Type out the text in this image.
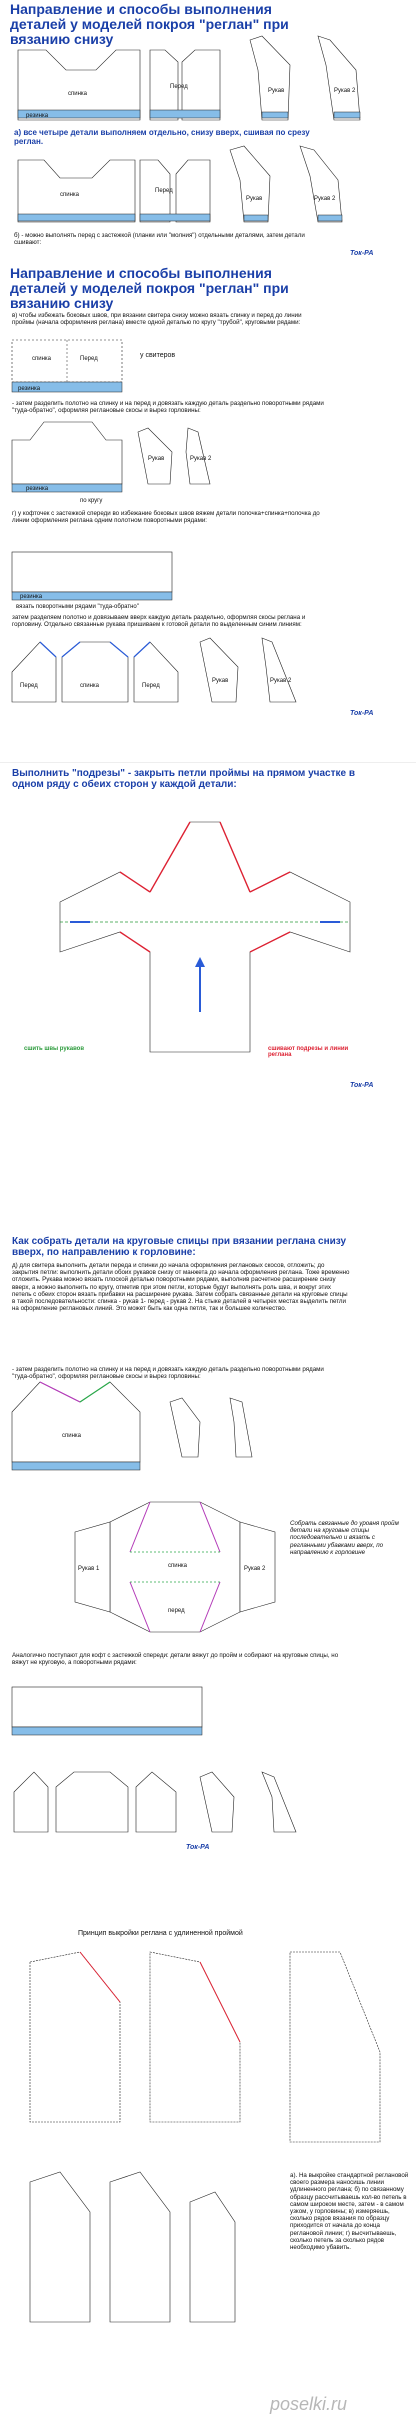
Направление и способы выполнения деталей у моделей покроя "реглан" при вязанию снизу
спинка
Перед
Рукав	Рукав 2
резинка
спинка
Перед
Рукав	Рукав 2
а) все четыре детали выполняем отдельно, снизу вверх, сшивая по срезу реглан.
б) - можно выполнять перед с застежкой (планки или "молния") отдельными деталями, затем детали сшивают:
Ток-РА
Направление и способы выполнения деталей у моделей покроя "реглан" при вязанию снизу
в) чтобы избежать боковых швов, при вязании свитера снизу можно вязать спинку и перед до линии проймы (начала оформления реглана) вместе одной деталью по кругу "трубой", круговыми рядами:
спинка	Перед
резинка
резинка
Рукав	Рукав 2
резинка
Перед	спинка	Перед
Рукав	Рукав 2
у свитеров
- затем разделить полотно на спинку и на перед и довязать каждую деталь раздельно поворотными рядами "туда-обратно", оформляя реглановые скосы и вырез горловины:
по кругу
г) у кофточек с застежкой спереди во избежание боковых швов вяжем детали полочка+спинка+полочка до линии оформления реглана одним полотном поворотными рядами:
вязать поворотными рядами "туда-обратно"
затем разделяем полотно и довязываем вверх каждую деталь раздельно, оформляя скосы реглана и горловину. Отдельно связанные рукава пришиваем к готовой детали по выделенным синим линиям:
Ток-РА
Выполнить "подрезы" - закрыть петли проймы на прямом участке в одном ряду с обеих сторон у каждой детали:
сшить швы рукавов	сшивают подрезы и линии реглана
Ток-РА
Как собрать детали на круговые спицы при вязании реглана снизу вверх, по направлению к горловине:
д) для свитера выполнить детали переда и спинки до начала оформления реглановых скосов, отложить; до закрытия петли: выполнить детали обоих рукавов снизу от манжета до начала оформления реглана. Тоже временно отложить. Рукава можно вязать плоской деталью поворотными рядами, выполнив расчетное расширение снизу вверх, а можно выполнить по кругу, отметив при этом петли, которые будут выполнять роль шва, и вокруг этих петель с обеих сторон вязать прибавки на расширение рукава. Затем собрать связанные детали на круговые спицы в такой последовательности: спинка - рукав 1- перед - рукав 2. На стыке деталей в четырех местах выделить петли на оформление реглановых линий. Это может быть как одна петля, так и большее количество.
- затем разделить полотно на спинку и на перед и довязать каждую деталь раздельно поворотными рядами "туда-обратно", оформляя реглановые скосы и вырез горловины:
спинка
спинка
перед
Рукав 1	Рукав 2
Собрать связанные до уровня пройм детали на круговые спицы последовательно и вязать с регланными убавками вверх, по направлению к горловине
Аналогично поступают для кофт с застежкой спереди: детали вяжут до пройм и собирают на круговые спицы, но вяжут не круговую, а поворотными рядами:
Ток-РА
Принцип выкройки реглана с удлиненной проймой
а). На выкройке стандартной реглановой своего размера наносишь линии удлиненного реглана; б) по связанному образцу рассчитываешь кол-во петель в самом широком месте, затем - в самом узком, у горловины; в) измеряешь, сколько рядов вязания по образцу приходится от начала до конца реглановой линии; г) высчитываешь, сколько петель за сколько рядов необходимо убавить.
poselki.ru
